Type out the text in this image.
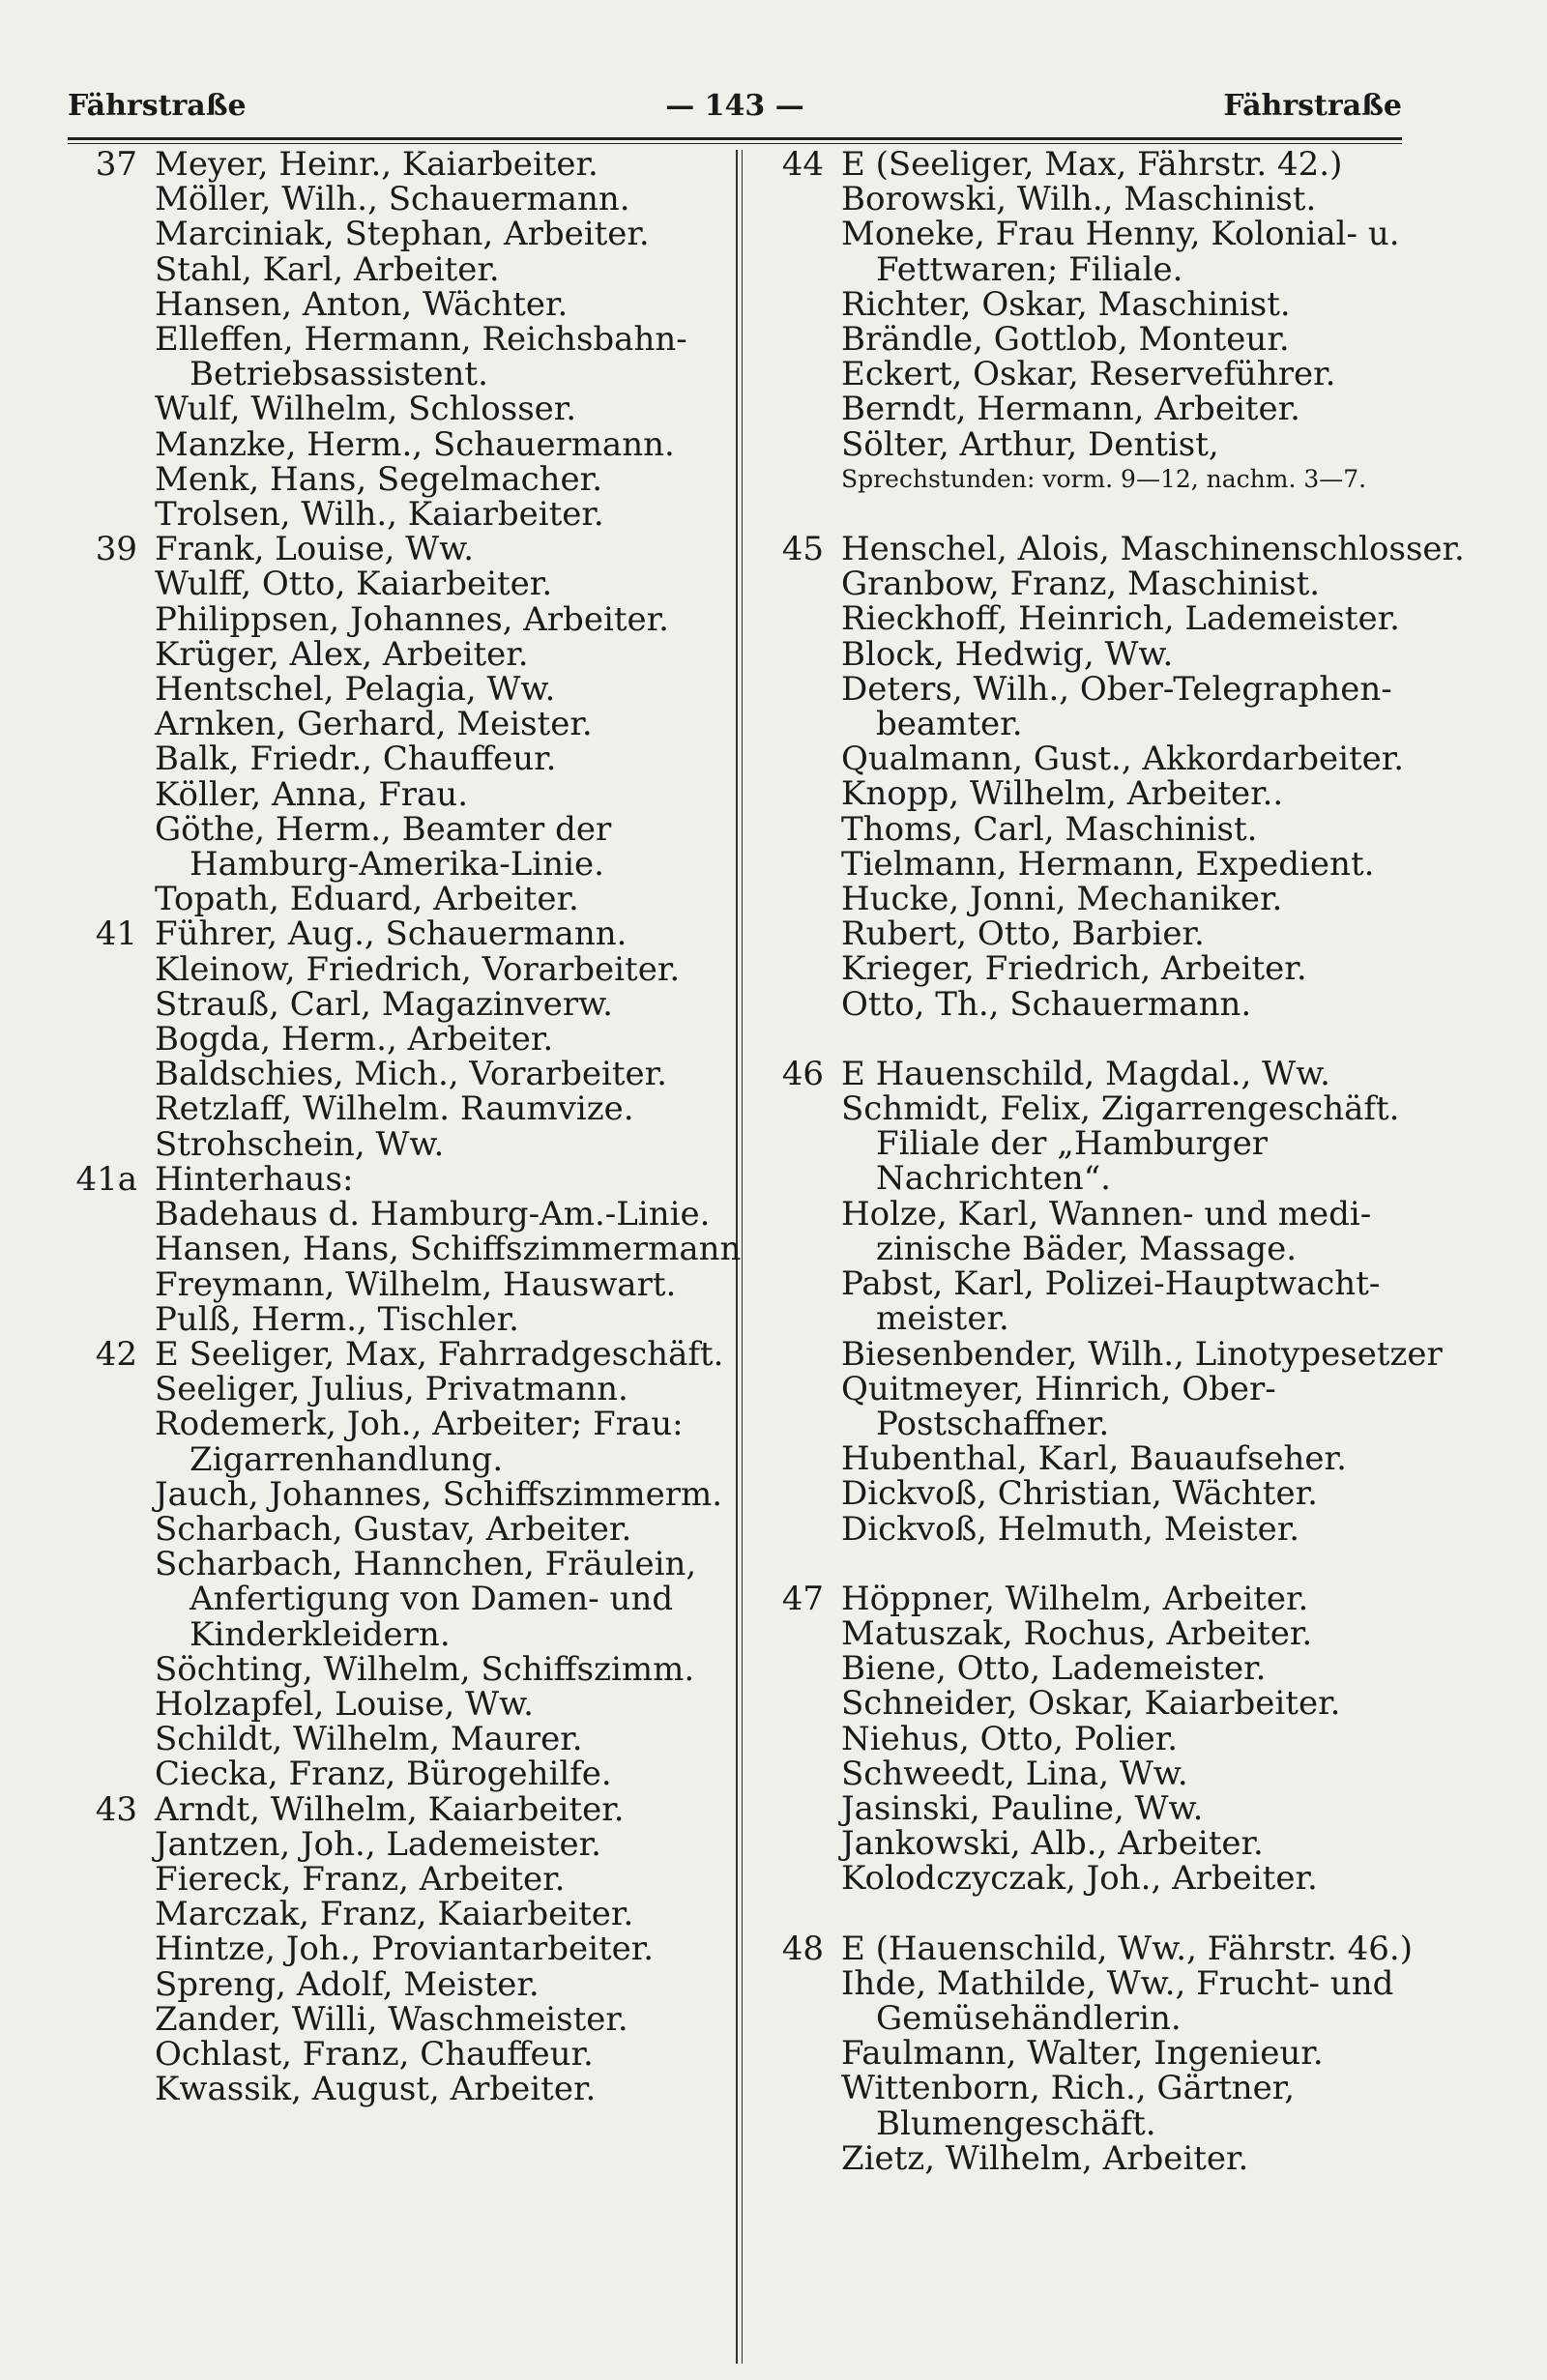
Fährstraße	— 143 —	Fährstraße
37 Meyer, Heinr., Kaiarbeiter.
Möller, Wilh., Schauermann.
Marciniak, Stephan, Arbeiter.
Stahl, Karl, Arbeiter.
Hansen, Anton, Wächter.
Elleffen, Hermann, Reichsbahn-
Betriebsassistent.
Wulf, Wilhelm, Schlosser.
Manzke, Herm., Schauermann.
Menk, Hans, Segelmacher.
Trolsen, Wilh., Kaiarbeiter.
39 Frank, Louise, Ww.
Wulff, Otto, Kaiarbeiter.
Philippsen, Johannes, Arbeiter.
Krüger, Alex, Arbeiter.
Hentschel, Pelagia, Ww.
Arnken, Gerhard, Meister.
Balk, Friedr., Chauffeur.
Köller, Anna, Frau.
Göthe, Herm., Beamter der
Hamburg-Amerika-Linie.
Topath, Eduard, Arbeiter.
41 Führer, Aug., Schauermann.
Kleinow, Friedrich, Vorarbeiter.
Strauß, Carl, Magazinverw.
Bogda, Herm., Arbeiter.
Baldschies, Mich., Vorarbeiter.
Retzlaff, Wilhelm. Raumvize.
Strohschein, Ww.
41a Hinterhaus:
Badehaus d. Hamburg-Am.-Linie.
Hansen, Hans, Schiffszimmermann
Freymann, Wilhelm, Hauswart.
Pulß, Herm., Tischler.
42 E Seeliger, Max, Fahrradgeschäft.
Seeliger, Julius, Privatmann.
Rodemerk, Joh., Arbeiter; Frau:
Zigarrenhandlung.
Jauch, Johannes, Schiffszimmerm.
Scharbach, Gustav, Arbeiter.
Scharbach, Hannchen, Fräulein,
Anfertigung von Damen- und
Kinderkleidern.
Söchting, Wilhelm, Schiffszimm.
Holzapfel, Louise, Ww.
Schildt, Wilhelm, Maurer.
Ciecka, Franz, Bürogehilfe.
43 Arndt, Wilhelm, Kaiarbeiter.
Jantzen, Joh., Lademeister.
Fiereck, Franz, Arbeiter.
Marczak, Franz, Kaiarbeiter.
Hintze, Joh., Proviantarbeiter.
Spreng, Adolf, Meister.
Zander, Willi, Waschmeister.
Ochlast, Franz, Chauffeur.
Kwassik, August, Arbeiter.
44 E (Seeliger, Max, Fährstr. 42.)
Borowski, Wilh., Maschinist.
Moneke, Frau Henny, Kolonial- u.
Fettwaren; Filiale.
Richter, Oskar, Maschinist.
Brändle, Gottlob, Monteur.
Eckert, Oskar, Reserveführer.
Berndt, Hermann, Arbeiter.
Sölter, Arthur, Dentist,
Sprechstunden: vorm. 9—12, nachm. 3—7.
45 Henschel, Alois, Maschinenschlosser.
Granbow, Franz, Maschinist.
Rieckhoff, Heinrich, Lademeister.
Block, Hedwig, Ww.
Deters, Wilh., Ober-Telegraphen-
beamter.
Qualmann, Gust., Akkordarbeiter.
Knopp, Wilhelm, Arbeiter..
Thoms, Carl, Maschinist.
Tielmann, Hermann, Expedient.
Hucke, Jonni, Mechaniker.
Rubert, Otto, Barbier.
Krieger, Friedrich, Arbeiter.
Otto, Th., Schauermann.
46 E Hauenschild, Magdal., Ww.
Schmidt, Felix, Zigarrengeschäft.
Filiale der „Hamburger
Nachrichten“.
Holze, Karl, Wannen- und medi-
zinische Bäder, Massage.
Pabst, Karl, Polizei-Hauptwacht-
meister.
Biesenbender, Wilh., Linotypesetzer
Quitmeyer, Hinrich, Ober-
Postschaffner.
Hubenthal, Karl, Bauaufseher.
Dickvoß, Christian, Wächter.
Dickvoß, Helmuth, Meister.
47 Höppner, Wilhelm, Arbeiter.
Matuszak, Rochus, Arbeiter.
Biene, Otto, Lademeister.
Schneider, Oskar, Kaiarbeiter.
Niehus, Otto, Polier.
Schweedt, Lina, Ww.
Jasinski, Pauline, Ww.
Jankowski, Alb., Arbeiter.
Kolodczyczak, Joh., Arbeiter.
48 E (Hauenschild, Ww., Fährstr. 46.)
Ihde, Mathilde, Ww., Frucht- und
Gemüsehändlerin.
Faulmann, Walter, Ingenieur.
Wittenborn, Rich., Gärtner,
Blumengeschäft.
Zietz, Wilhelm, Arbeiter.
